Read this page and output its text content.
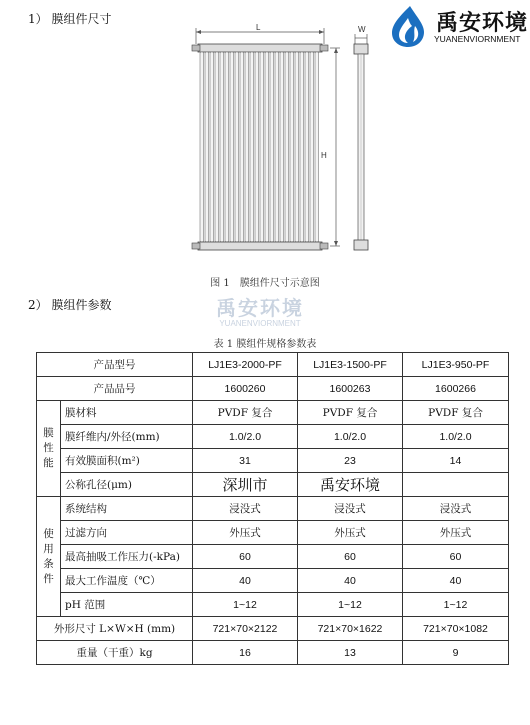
1） 膜组件尺寸	禹安环境
YUANENVIORNMENT
L
H
W
图 1　膜组件尺寸示意图
2） 膜组件参数	禹安环境
YUANENVIORNMENT
表 1 膜组件规格参数表
产品型号		LJ1E3-2000-PF	LJ1E3-1500-PF	LJ1E3-950-PF
产品品号		1600260	1600263	1600266
膜
性
能	膜材料	PVDF 复合	PVDF 复合	PVDF 复合
	膜纤维内/外径(mm)	1.0/2.0	1.0/2.0	1.0/2.0
	有效膜面积(m²)	31	23	14
	公称孔径(μm)	深圳市	禹安环境	
使
用
条
件	系统结构	浸没式	浸没式	浸没式
	过滤方向	外压式	外压式	外压式
	最高抽吸工作压力(-kPa)	60	60	60
	最大工作温度（℃）	40	40	40
	pH 范围	1~12	1~12	1~12
外形尺寸 L×W×H (mm)		721×70×2122	721×70×1622	721×70×1082
重量（干重）kg		16	13	9
